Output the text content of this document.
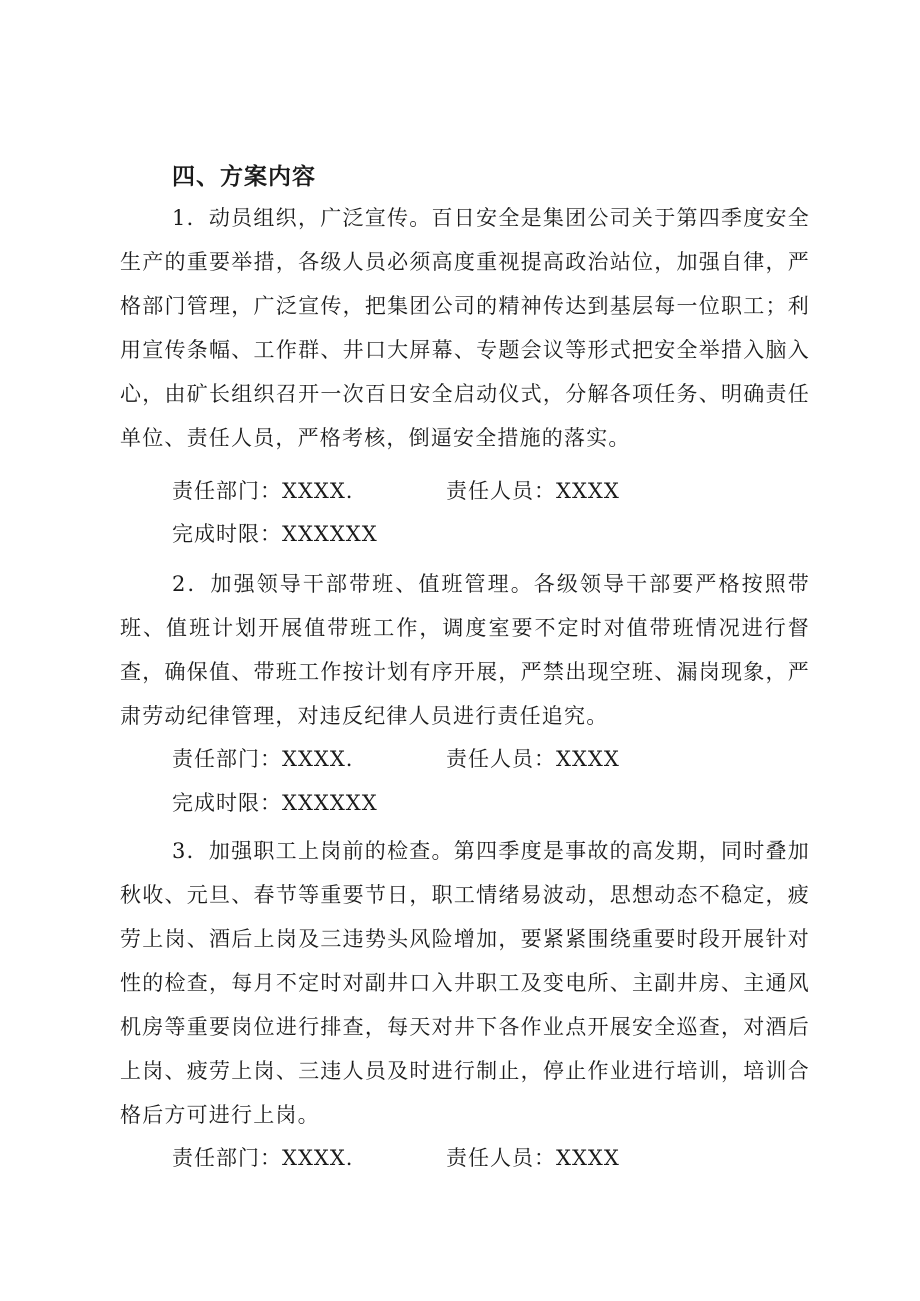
四、方案内容

1．动员组织，广泛宣传。百日安全是集团公司关于第四季度安全生产的重要举措，各级人员必须高度重视提高政治站位，加强自律，严格部门管理，广泛宣传，把集团公司的精神传达到基层每一位职工；利用宣传条幅、工作群、井口大屏幕、专题会议等形式把安全举措入脑入心，由矿长组织召开一次百日安全启动仪式，分解各项任务、明确责任单位、责任人员，严格考核，倒逼安全措施的落实。

责任部门：XXXX.	责任人员：XXXX
完成时限：XXXXXX

2．加强领导干部带班、值班管理。各级领导干部要严格按照带班、值班计划开展值带班工作，调度室要不定时对值带班情况进行督查，确保值、带班工作按计划有序开展，严禁出现空班、漏岗现象，严肃劳动纪律管理，对违反纪律人员进行责任追究。

责任部门：XXXX.	责任人员：XXXX
完成时限：XXXXXX

3．加强职工上岗前的检查。第四季度是事故的高发期，同时叠加秋收、元旦、春节等重要节日，职工情绪易波动，思想动态不稳定，疲劳上岗、酒后上岗及三违势头风险增加，要紧紧围绕重要时段开展针对性的检查，每月不定时对副井口入井职工及变电所、主副井房、主通风机房等重要岗位进行排查，每天对井下各作业点开展安全巡查，对酒后上岗、疲劳上岗、三违人员及时进行制止，停止作业进行培训，培训合格后方可进行上岗。

责任部门：XXXX.	责任人员：XXXX
